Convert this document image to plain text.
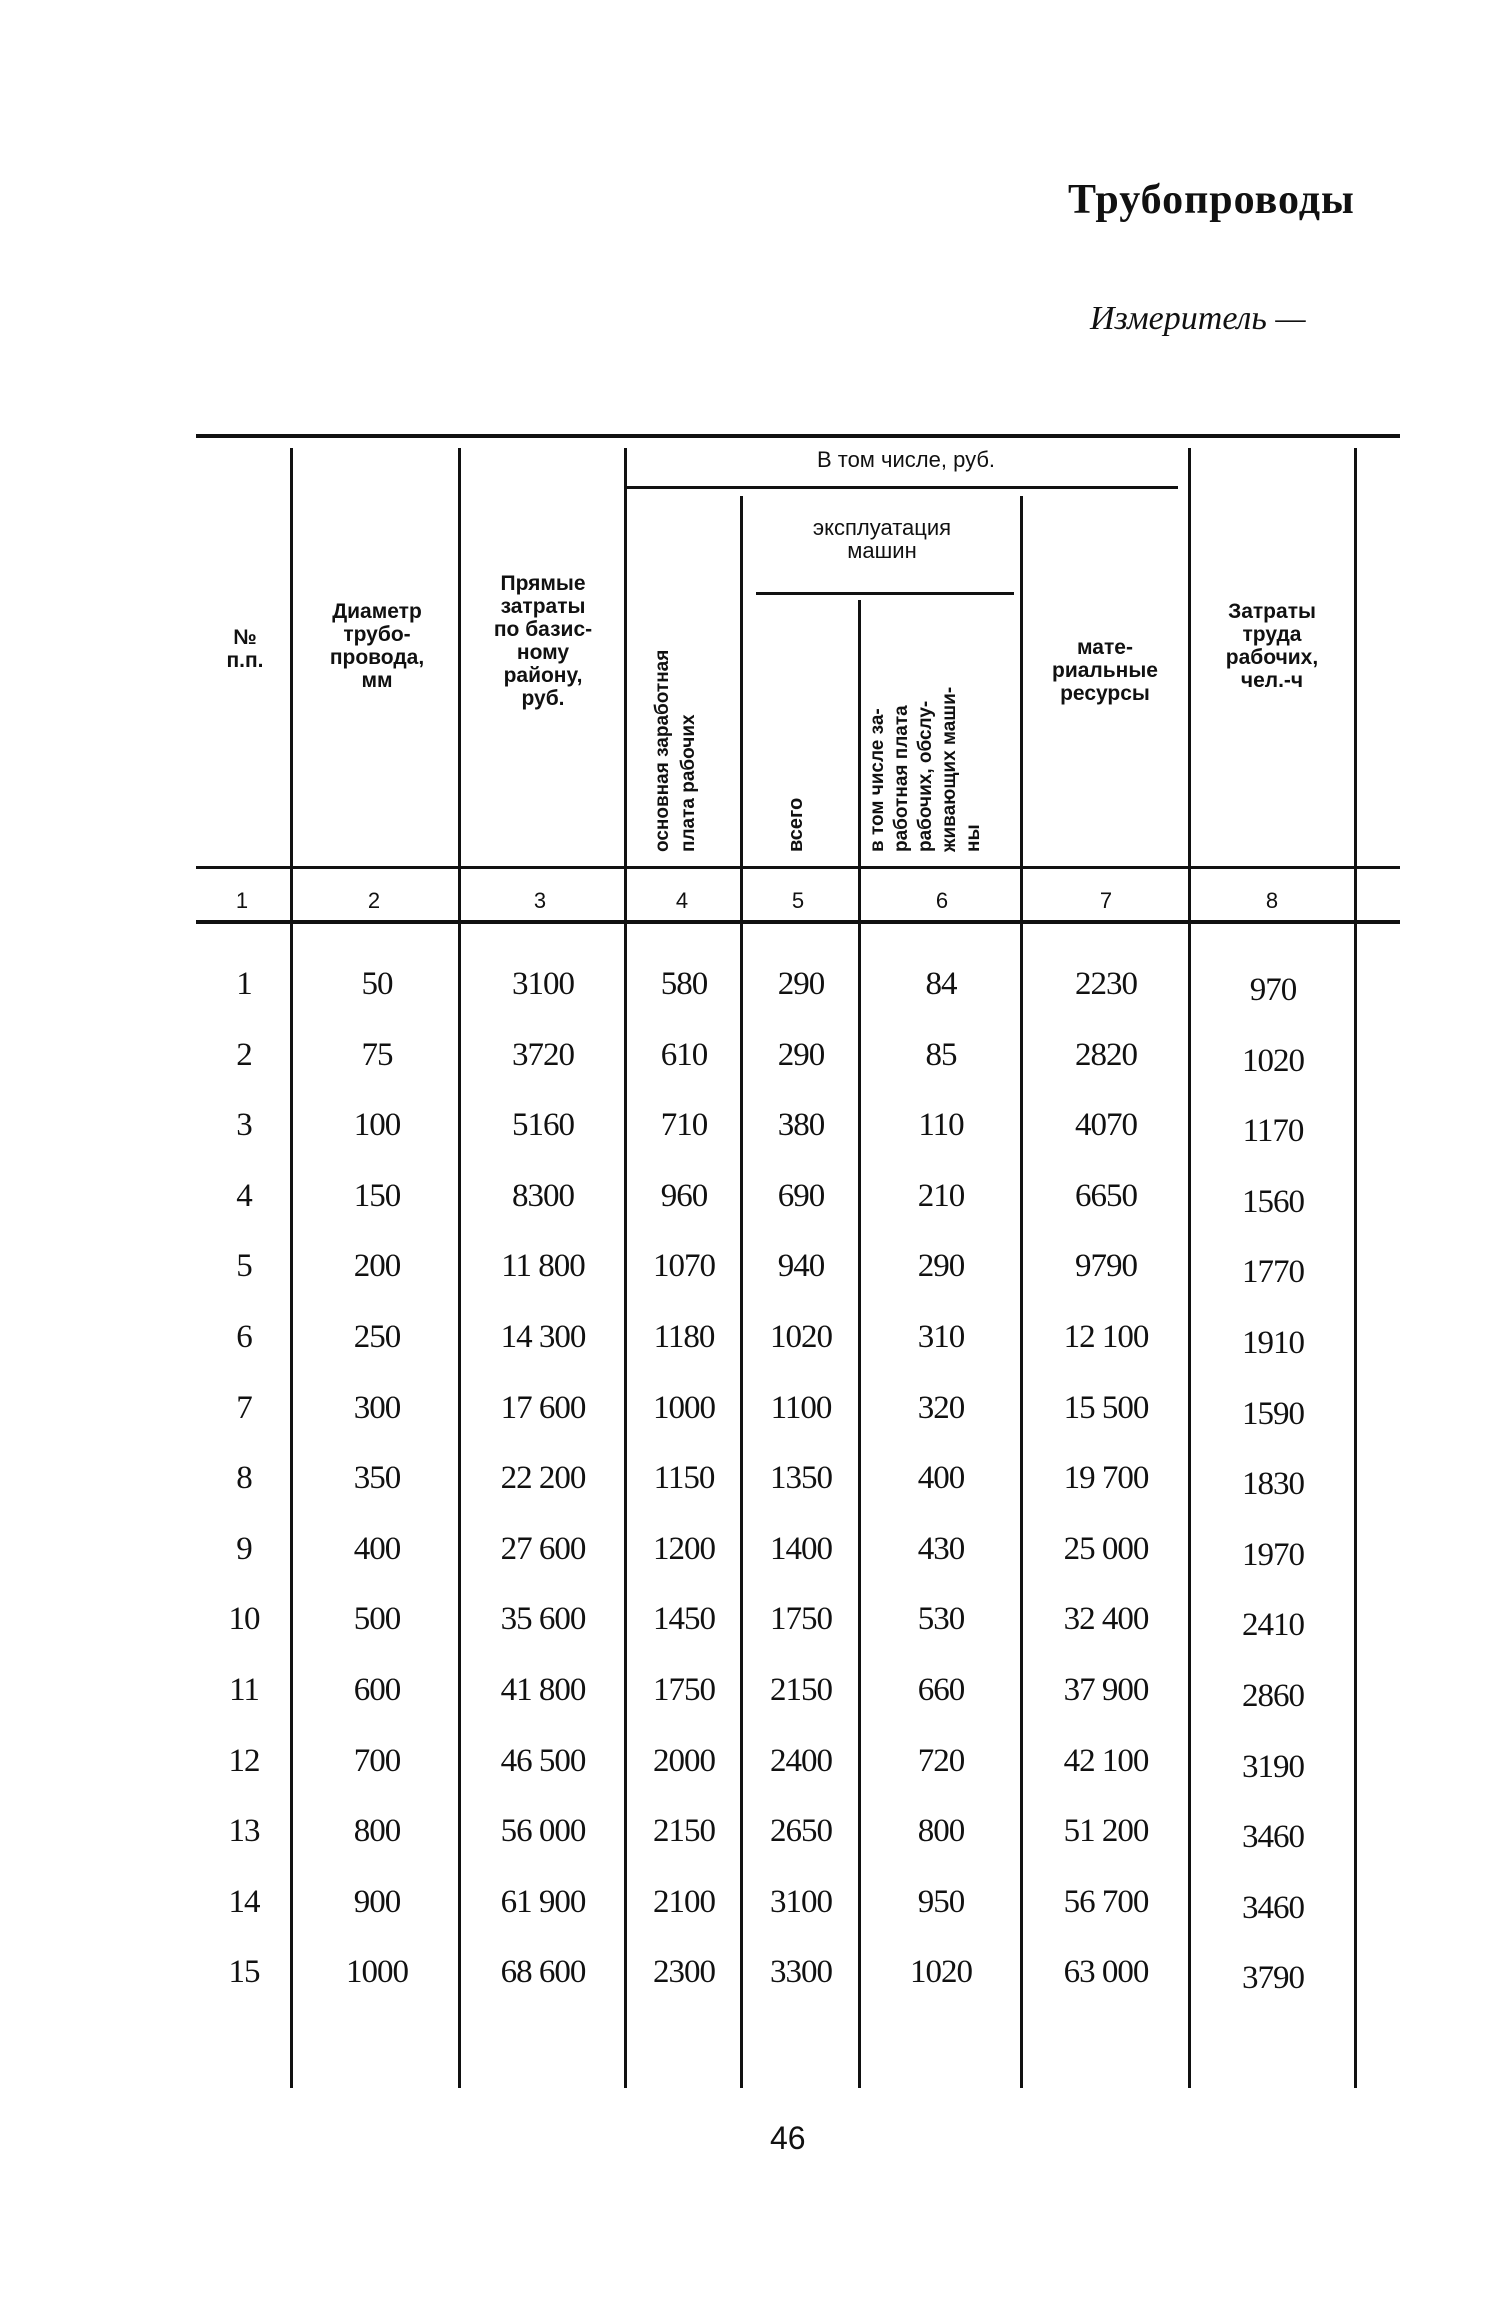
Трубопроводы
Измеритель —
№
п.п.
Диаметр
трубо-
провода,
мм
Прямые
затраты
по базис-
ному
району,
руб.
В том числе, руб.
эксплуатация
машин
мате-
риальные
ресурсы
Затраты
труда
рабочих,
чел.-ч
основная заработная
плата рабочих
всего	в том числе за-
работная плата
рабочих, обслу-
живающих маши-
ны
1	2	3	4	5	6	7	8
1	50	3100	580	290	84	2230	970
2	75	3720	610	290	85	2820	1020
3	100	5160	710	380	110	4070	1170
4	150	8300	960	690	210	6650	1560
5	200	11 800	1070	940	290	9790	1770
6	250	14 300	1180	1020	310	12 100	1910
7	300	17 600	1000	1100	320	15 500	1590
8	350	22 200	1150	1350	400	19 700	1830
9	400	27 600	1200	1400	430	25 000	1970
10	500	35 600	1450	1750	530	32 400	2410
11	600	41 800	1750	2150	660	37 900	2860
12	700	46 500	2000	2400	720	42 100	3190
13	800	56 000	2150	2650	800	51 200	3460
14	900	61 900	2100	3100	950	56 700	3460
15	1000	68 600	2300	3300	1020	63 000	3790
46
